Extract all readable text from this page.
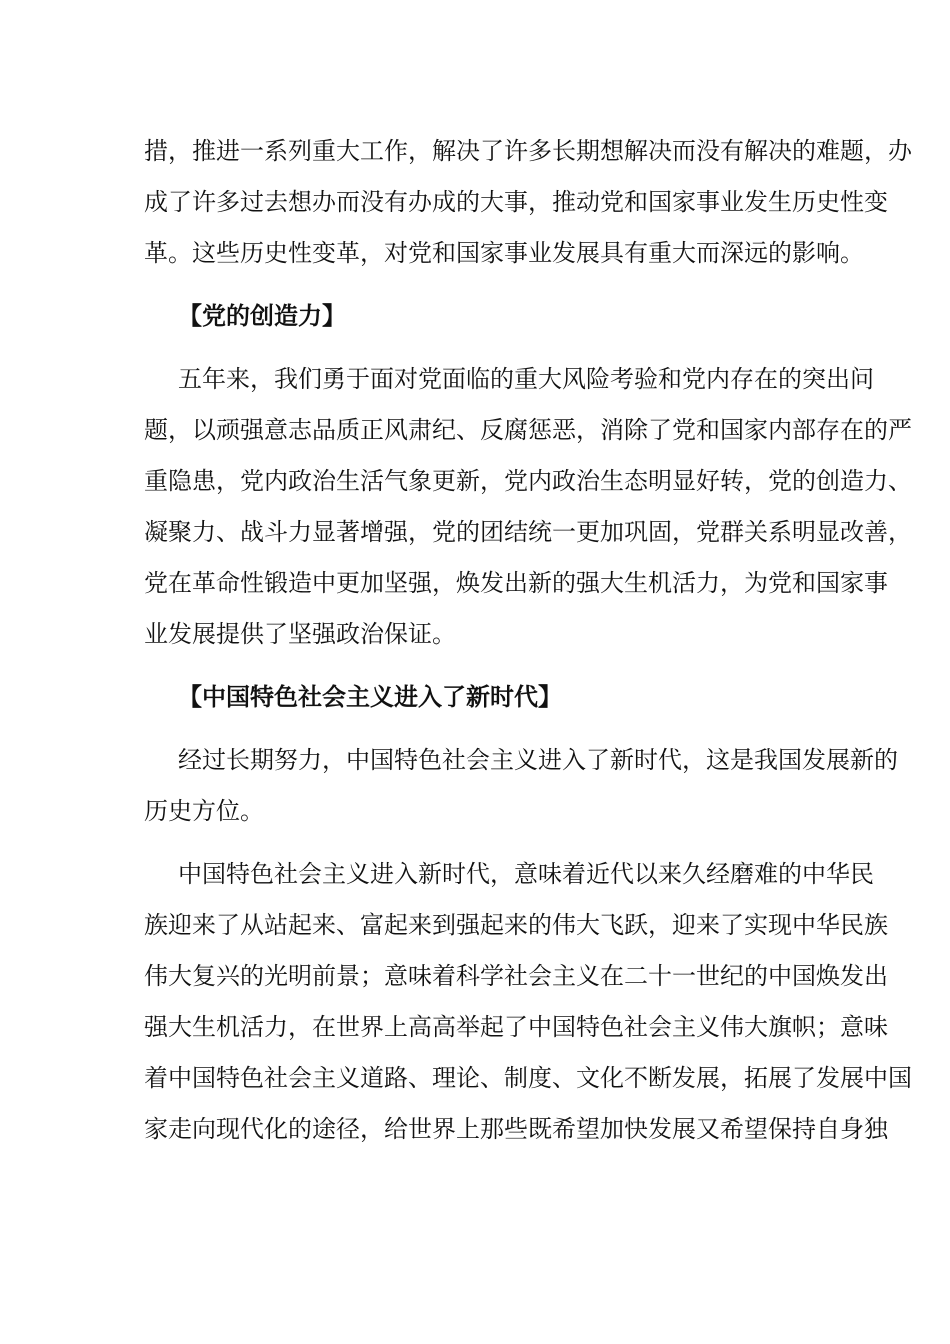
措，推进一系列重大工作，解决了许多长期想解决而没有解决的难题，办
成了许多过去想办而没有办成的大事，推动党和国家事业发生历史性变
革。这些历史性变革，对党和国家事业发展具有重大而深远的影响。
【党的创造力】
五年来，我们勇于面对党面临的重大风险考验和党内存在的突出问
题，以顽强意志品质正风肃纪、反腐惩恶，消除了党和国家内部存在的严
重隐患，党内政治生活气象更新，党内政治生态明显好转，党的创造力、
凝聚力、战斗力显著增强，党的团结统一更加巩固，党群关系明显改善，
党在革命性锻造中更加坚强，焕发出新的强大生机活力，为党和国家事
业发展提供了坚强政治保证。
【中国特色社会主义进入了新时代】
经过长期努力，中国特色社会主义进入了新时代，这是我国发展新的
历史方位。
中国特色社会主义进入新时代，意味着近代以来久经磨难的中华民
族迎来了从站起来、富起来到强起来的伟大飞跃，迎来了实现中华民族
伟大复兴的光明前景；意味着科学社会主义在二十一世纪的中国焕发出
强大生机活力，在世界上高高举起了中国特色社会主义伟大旗帜；意味
着中国特色社会主义道路、理论、制度、文化不断发展，拓展了发展中国
家走向现代化的途径，给世界上那些既希望加快发展又希望保持自身独
